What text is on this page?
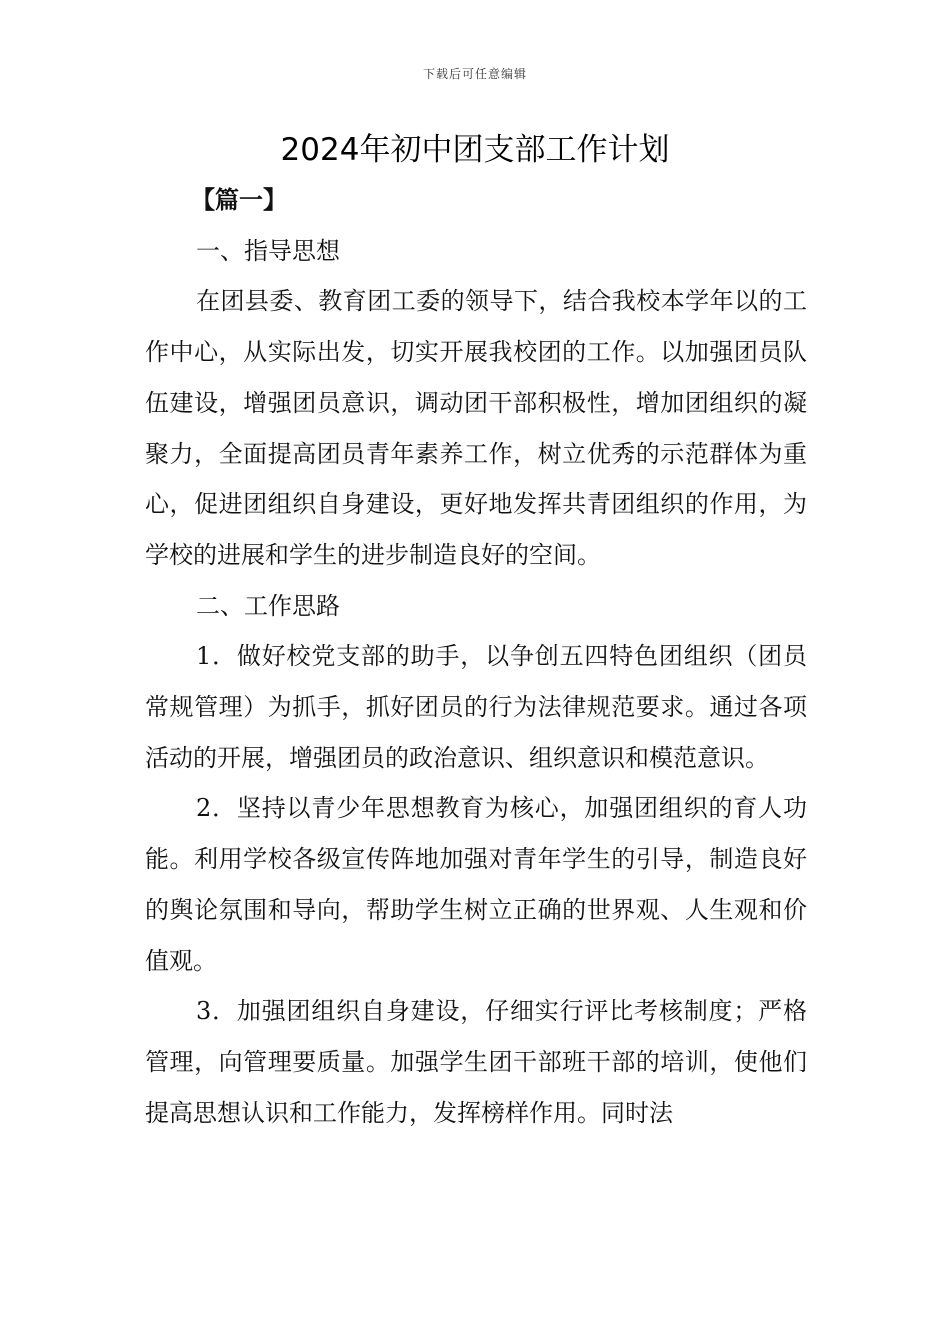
下载后可任意编辑
2024年初中团支部工作计划

【篇一】

一、指导思想

在团县委、教育团工委的领导下，结合我校本学年以的工作中心，从实际出发，切实开展我校团的工作。以加强团员队伍建设，增强团员意识，调动团干部积极性，增加团组织的凝聚力，全面提高团员青年素养工作，树立优秀的示范群体为重心，促进团组织自身建设，更好地发挥共青团组织的作用，为学校的进展和学生的进步制造良好的空间。

二、工作思路

1．做好校党支部的助手，以争创五四特色团组织（团员常规管理）为抓手，抓好团员的行为法律规范要求。通过各项活动的开展，增强团员的政治意识、组织意识和模范意识。

2．坚持以青少年思想教育为核心，加强团组织的育人功能。利用学校各级宣传阵地加强对青年学生的引导，制造良好的舆论氛围和导向，帮助学生树立正确的世界观、人生观和价值观。

3．加强团组织自身建设，仔细实行评比考核制度；严格管理，向管理要质量。加强学生团干部班干部的培训，使他们提高思想认识和工作能力，发挥榜样作用。同时法
